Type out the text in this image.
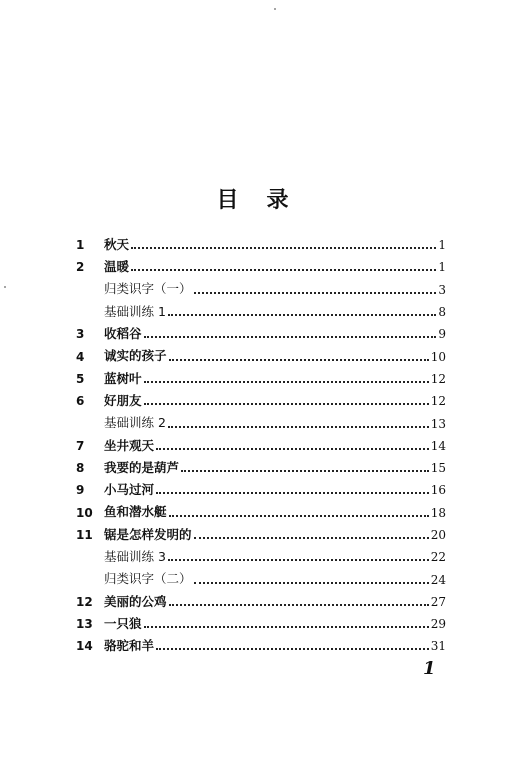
目录
1	秋天	1
2	温暖	1
归类识字（一）	3
基础训练 1	8
3	收稻谷	9
4	诚实的孩子	10
5	蓝树叶	12
6	好朋友	12
基础训练 2	13
7	坐井观天	14
8	我要的是葫芦	15
9	小马过河	16
10 鱼和潜水艇	18
11 锯是怎样发明的	20
基础训练 3	22
归类识字（二）	24
12 美丽的公鸡	27
13 一只狼	29
14 骆驼和羊	31
1
